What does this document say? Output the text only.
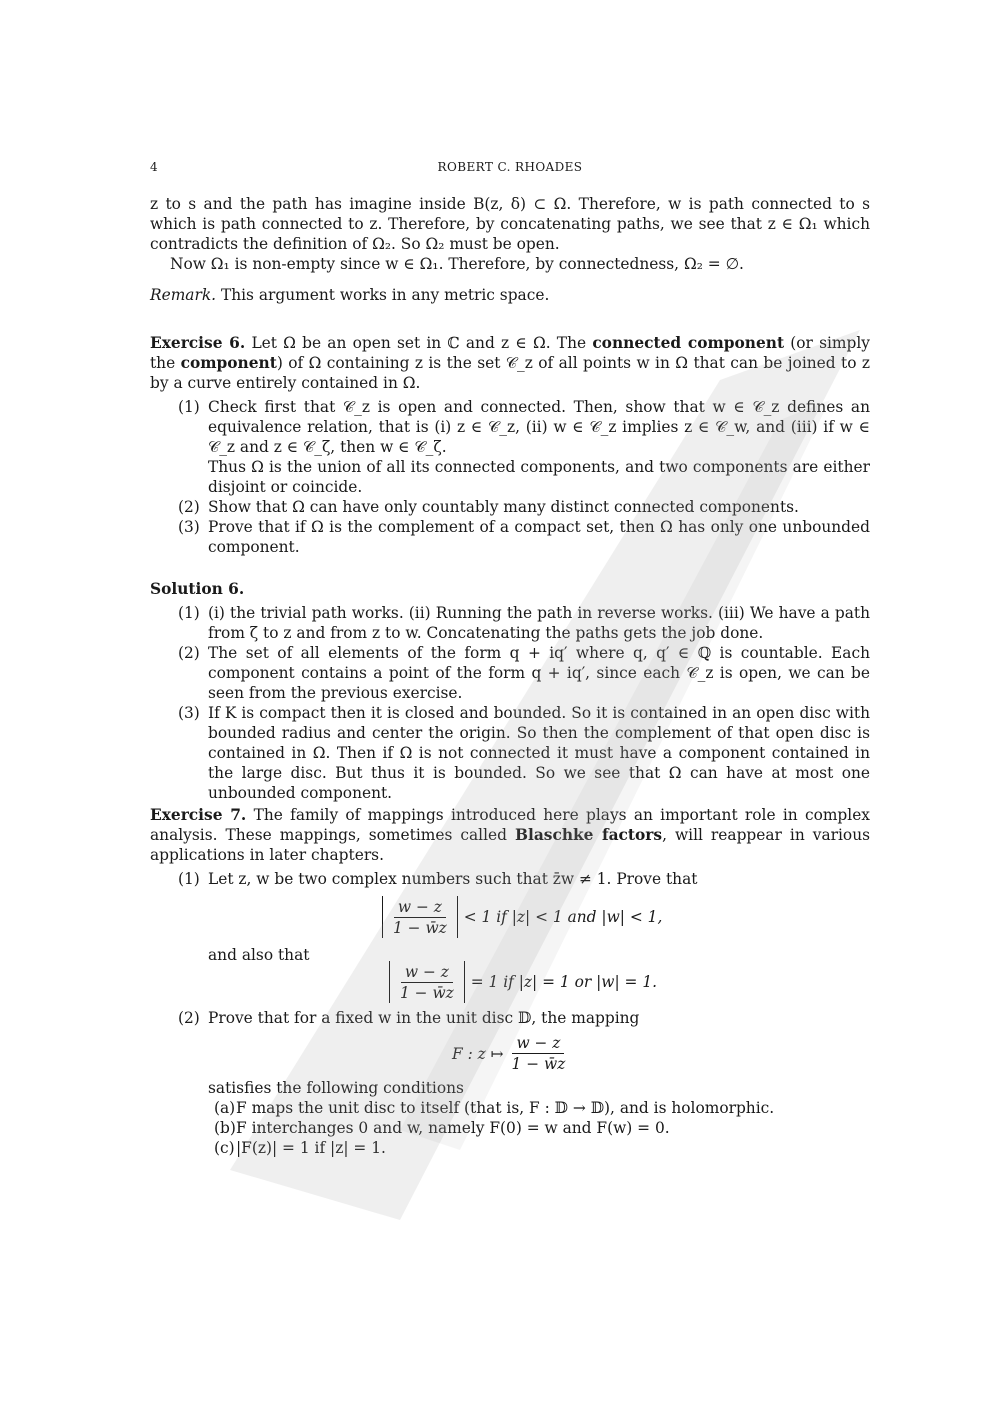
4	ROBERT C. RHOADES

z to s and the path has imagine inside B(z, δ) ⊂ Ω. Therefore, w is path connected to s which is path connected to z. Therefore, by concatenating paths, we see that z ∈ Ω₁ which contradicts the definition of Ω₂. So Ω₂ must be open.

Now Ω₁ is non-empty since w ∈ Ω₁. Therefore, by connectedness, Ω₂ = ∅.

Remark. This argument works in any metric space.

Exercise 6. Let Ω be an open set in ℂ and z ∈ Ω. The connected component (or simply the component) of Ω containing z is the set 𝒞_z of all points w in Ω that can be joined to z by a curve entirely contained in Ω.

(1) Check first that 𝒞_z is open and connected. Then, show that w ∈ 𝒞_z defines an equivalence relation, that is (i) z ∈ 𝒞_z, (ii) w ∈ 𝒞_z implies z ∈ 𝒞_w, and (iii) if w ∈ 𝒞_z and z ∈ 𝒞_ζ, then w ∈ 𝒞_ζ.
Thus Ω is the union of all its connected components, and two components are either disjoint or coincide.
(2) Show that Ω can have only countably many distinct connected components.
(3) Prove that if Ω is the complement of a compact set, then Ω has only one unbounded component.

Solution 6.

(1) (i) the trivial path works. (ii) Running the path in reverse works. (iii) We have a path from ζ to z and from z to w. Concatenating the paths gets the job done.
(2) The set of all elements of the form q + iq′ where q, q′ ∈ ℚ is countable. Each component contains a point of the form q + iq′, since each 𝒞_z is open, we can be seen from the previous exercise.
(3) If K is compact then it is closed and bounded. So it is contained in an open disc with bounded radius and center the origin. So then the complement of that open disc is contained in Ω. Then if Ω is not connected it must have a component contained in the large disc. But thus it is bounded. So we see that Ω can have at most one unbounded component.

Exercise 7. The family of mappings introduced here plays an important role in complex analysis. These mappings, sometimes called Blaschke factors, will reappear in various applications in later chapters.

(1) Let z, w be two complex numbers such that z̄w ≠ 1. Prove that
$\frac{w - z}{1 - w̄z} < 1$ if |z| < 1 and |w| < 1,
and also that
$\frac{w - z}{1 - w̄z} = 1$ if |z| = 1 or |w| = 1.
(2) Prove that for a fixed w in the unit disc 𝔻, the mapping
F : z ↦ $\frac{w - z}{1 - w̄z}$
satisfies the following conditions
(a) F maps the unit disc to itself (that is, F : 𝔻 → 𝔻), and is holomorphic.
(b) F interchanges 0 and w, namely F(0) = w and F(w) = 0.
(c) |F(z)| = 1 if |z| = 1.
